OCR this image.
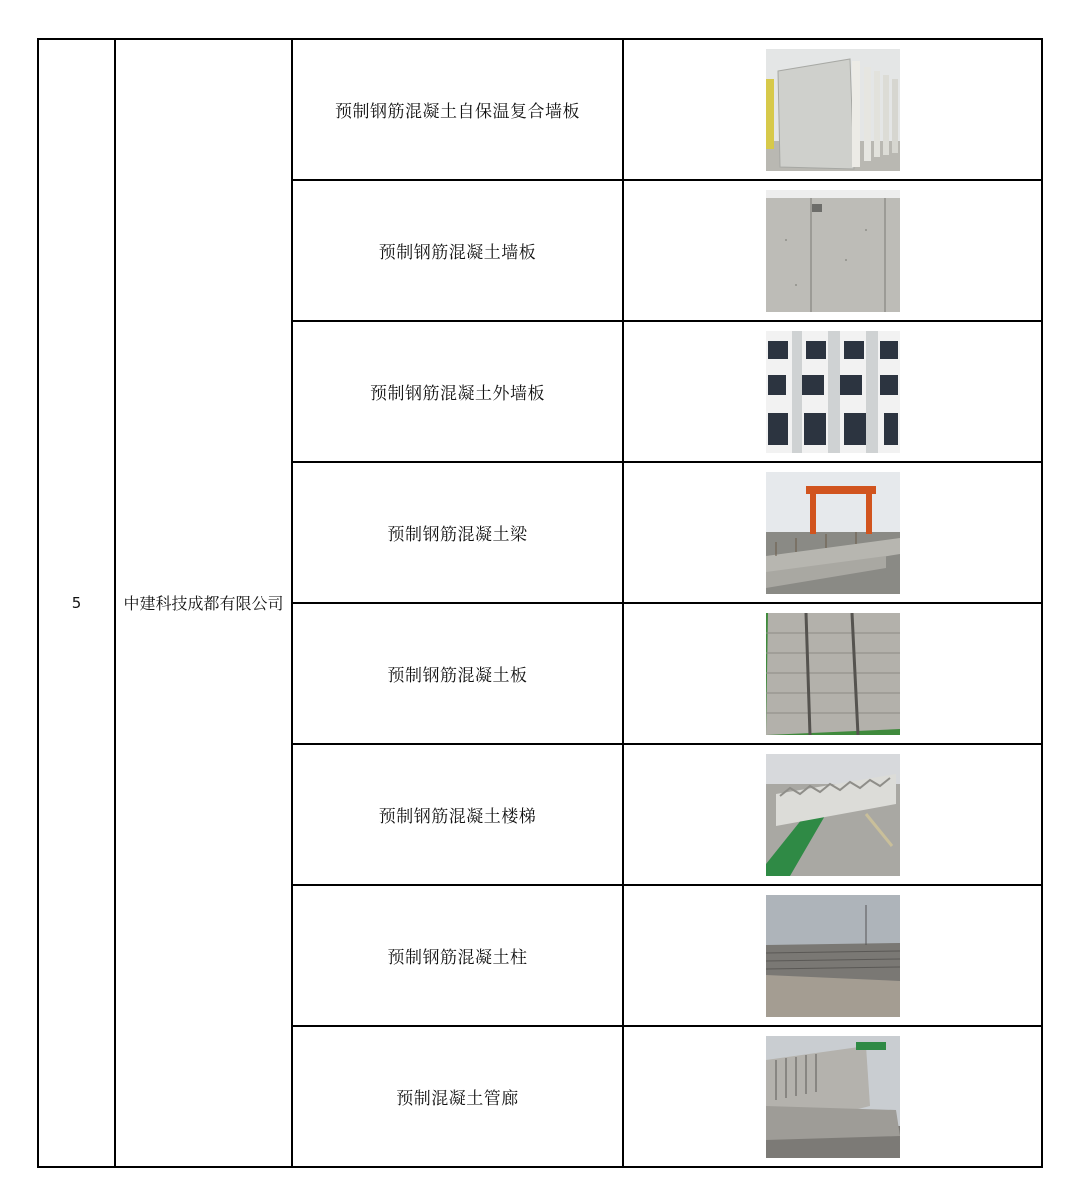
5	中建科技成都有限公司	预制钢筋混凝土自保温复合墙板	

		预制钢筋混凝土墙板	

		预制钢筋混凝土外墙板	

		预制钢筋混凝土梁	

		预制钢筋混凝土板	

		预制钢筋混凝土楼梯	

		预制钢筋混凝土柱	

		预制混凝土管廊	
